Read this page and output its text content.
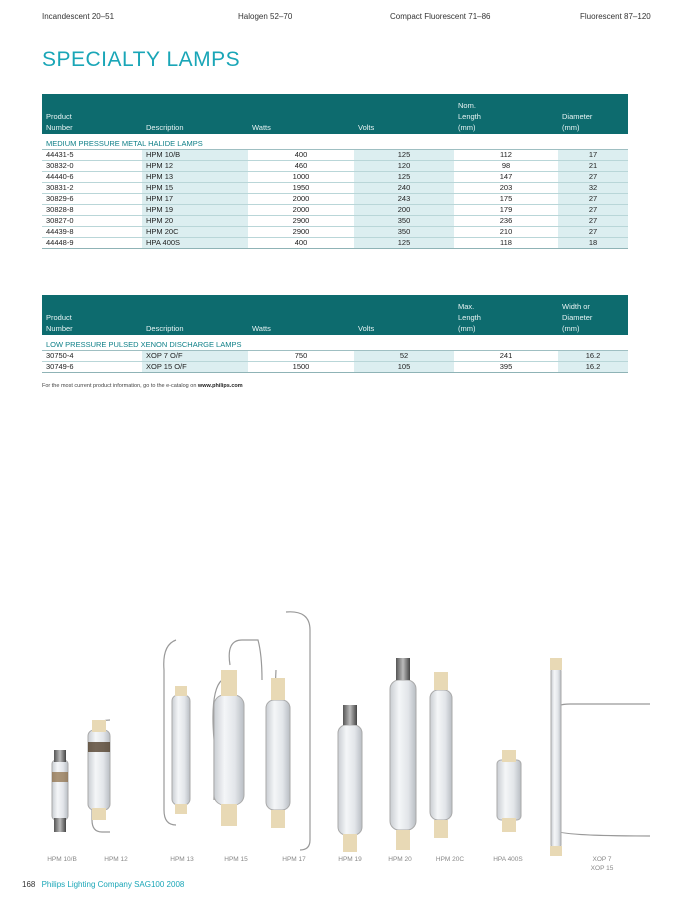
Incandescent 20–51	Halogen 52–70	Compact Fluorescent 71–86	Fluorescent 87–120
SPECIALTY LAMPS
				Nom.	
Product				Length	Diameter
Number	Description	Watts	Volts	(mm)	(mm)
MEDIUM PRESSURE METAL HALIDE LAMPS					
44431-5	HPM 10/B	400	125	112	17
30832-0	HPM 12	460	120	98	21
44440-6	HPM 13	1000	125	147	27
30831-2	HPM 15	1950	240	203	32
30829-6	HPM 17	2000	243	175	27
30828-8	HPM 19	2000	200	179	27
30827-0	HPM 20	2900	350	236	27
44439-8	HPM 20C	2900	350	210	27
44448-9	HPA 400S	400	125	118	18
				Max.	Width or
Product				Length	Diameter
Number	Description	Watts	Volts	(mm)	(mm)
LOW PRESSURE PULSED XENON DISCHARGE LAMPS					
30750-4	XOP 7 O/F	750	52	241	16.2
30749-6	XOP 15 O/F	1500	105	395	16.2
For the most current product information, go to the e-catalog on www.philips.com
HPM 10/B	HPM 12	HPM 13	HPM 15	HPM 17	HPM 19	HPM 20	HPM 20C	HPA 400S	XOP 7
XOP 15
168 Philips Lighting Company SAG100 2008
